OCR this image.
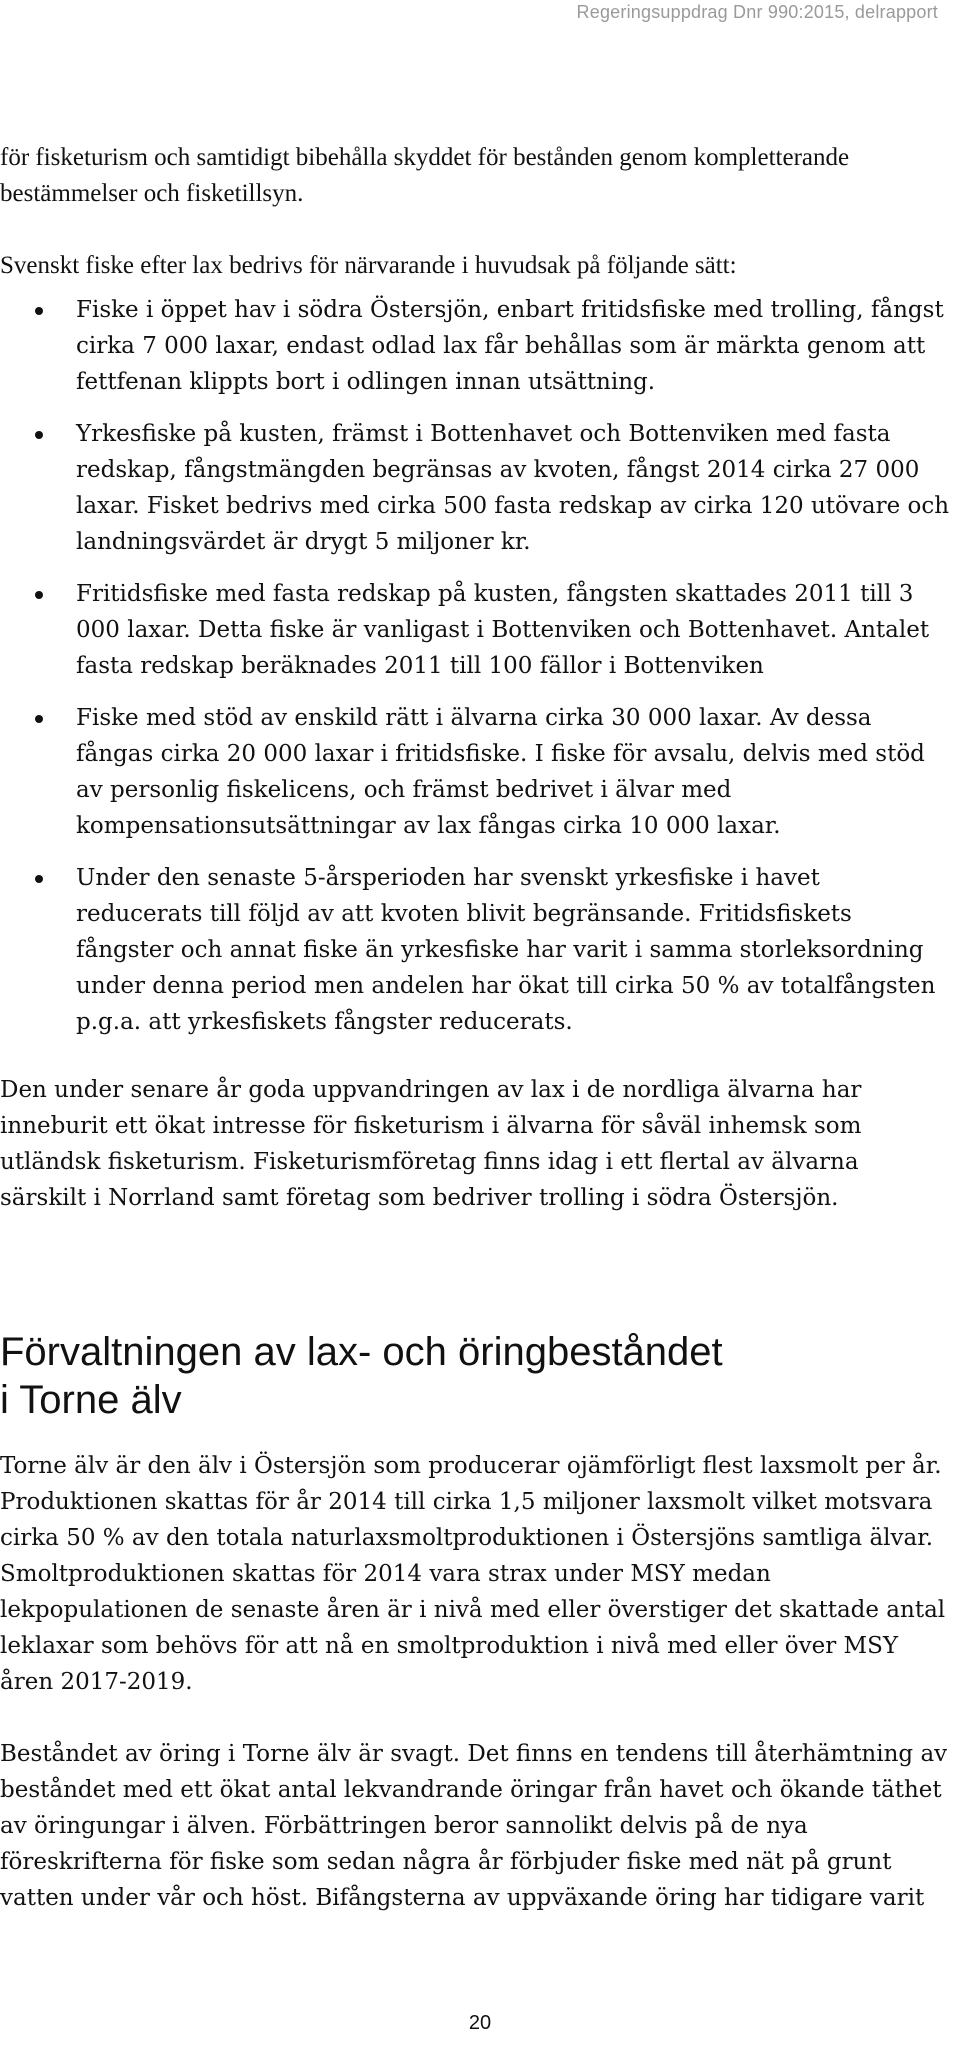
Regeringsuppdrag Dnr 990:2015, delrapport

för fisketurism och samtidigt bibehålla skyddet för bestånden genom kompletterande bestämmelser och fisketillsyn.

Svenskt fiske efter lax bedrivs för närvarande i huvudsak på följande sätt:

Fiske i öppet hav i södra Östersjön, enbart fritidsfiske med trolling, fångst cirka 7 000 laxar, endast odlad lax får behållas som är märkta genom att fettfenan klippts bort i odlingen innan utsättning.
Yrkesfiske på kusten, främst i Bottenhavet och Bottenviken med fasta redskap, fångstmängden begränsas av kvoten, fångst 2014 cirka 27 000 laxar. Fisket bedrivs med cirka 500 fasta redskap av cirka 120 utövare och landningsvärdet är drygt 5 miljoner kr.
Fritidsfiske med fasta redskap på kusten, fångsten skattades 2011 till 3 000 laxar. Detta fiske är vanligast i Bottenviken och Bottenhavet. Antalet fasta redskap beräknades 2011 till 100 fällor i Bottenviken
Fiske med stöd av enskild rätt i älvarna cirka 30 000 laxar. Av dessa fångas cirka 20 000 laxar i fritidsfiske. I fiske för avsalu, delvis med stöd av personlig fiskelicens, och främst bedrivet i älvar med kompensationsutsättningar av lax fångas cirka 10 000 laxar.
Under den senaste 5-årsperioden har svenskt yrkesfiske i havet reducerats till följd av att kvoten blivit begränsande. Fritidsfiskets fångster och annat fiske än yrkesfiske har varit i samma storleksordning under denna period men andelen har ökat till cirka 50 % av totalfångsten p.g.a. att yrkesfiskets fångster reducerats.

Den under senare år goda uppvandringen av lax i de nordliga älvarna har inneburit ett ökat intresse för fisketurism i älvarna för såväl inhemsk som utländsk fisketurism. Fisketurismföretag finns idag i ett flertal av älvarna särskilt i Norrland samt företag som bedriver trolling i södra Östersjön.

Förvaltningen av lax- och öringbeståndet
i Torne älv

Torne älv är den älv i Östersjön som producerar ojämförligt flest laxsmolt per år. Produktionen skattas för år 2014 till cirka 1,5 miljoner laxsmolt vilket motsvara cirka 50 % av den totala naturlaxsmoltproduktionen i Östersjöns samtliga älvar. Smoltproduktionen skattas för 2014 vara strax under MSY medan lekpopulationen de senaste åren är i nivå med eller överstiger det skattade antal leklaxar som behövs för att nå en smoltproduktion i nivå med eller över MSY åren 2017-2019.

Beståndet av öring i Torne älv är svagt. Det finns en tendens till återhämtning av beståndet med ett ökat antal lekvandrande öringar från havet och ökande täthet av öringungar i älven. Förbättringen beror sannolikt delvis på de nya föreskrifterna för fiske som sedan några år förbjuder fiske med nät på grunt vatten under vår och höst. Bifångsterna av uppväxande öring har tidigare varit

20
